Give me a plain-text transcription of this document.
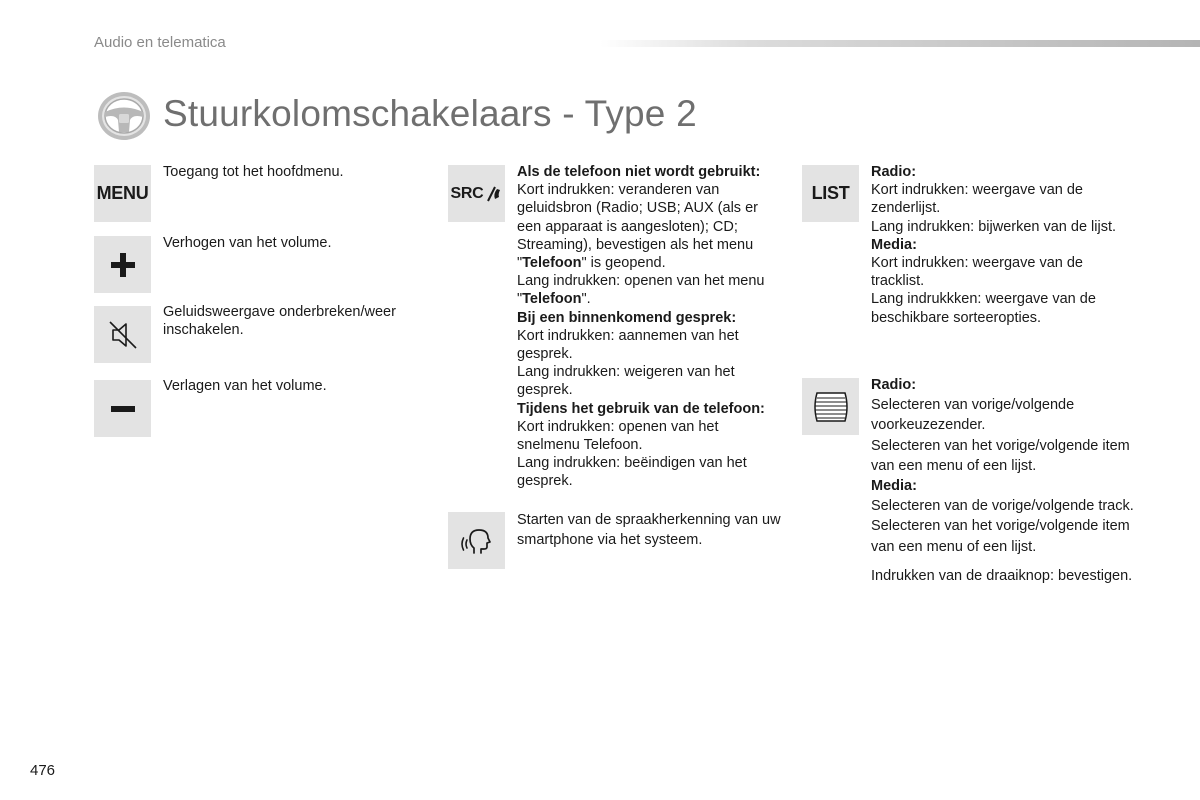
Audio en telematica
Stuurkolomschakelaars - Type 2
MENU
Toegang tot het hoofdmenu.
Verhogen van het volume.
Geluidsweergave onderbreken/weer inschakelen.
Verlagen van het volume.
SRC

Als de telefoon niet wordt gebruikt:

Kort indrukken: veranderen van geluidsbron (Radio; USB; AUX (als er een apparaat is aangesloten); CD; Streaming), bevestigen als het menu "Telefoon" is geopend.

Lang indrukken: openen van het menu "Telefoon".

Bij een binnenkomend gesprek:

Kort indrukken: aannemen van het gesprek.

Lang indrukken: weigeren van het gesprek.

Tijdens het gebruik van de telefoon:

Kort indrukken: openen van het snelmenu Telefoon.

Lang indrukken: beëindigen van het gesprek.

Starten van de spraakherkenning van uw smartphone via het systeem.
LIST

Radio:

Kort indrukken: weergave van de zenderlijst.

Lang indrukken: bijwerken van de lijst.

Media:

Kort indrukken: weergave van de tracklist.

Lang indrukkken: weergave van de beschikbare sorteeropties.

Radio:

Selecteren van vorige/volgende voorkeuzezender.

Selecteren van het vorige/volgende item van een menu of een lijst.

Media:

Selecteren van de vorige/volgende track.

Selecteren van het vorige/volgende item van een menu of een lijst.

Indrukken van de draaiknop: bevestigen.

476
